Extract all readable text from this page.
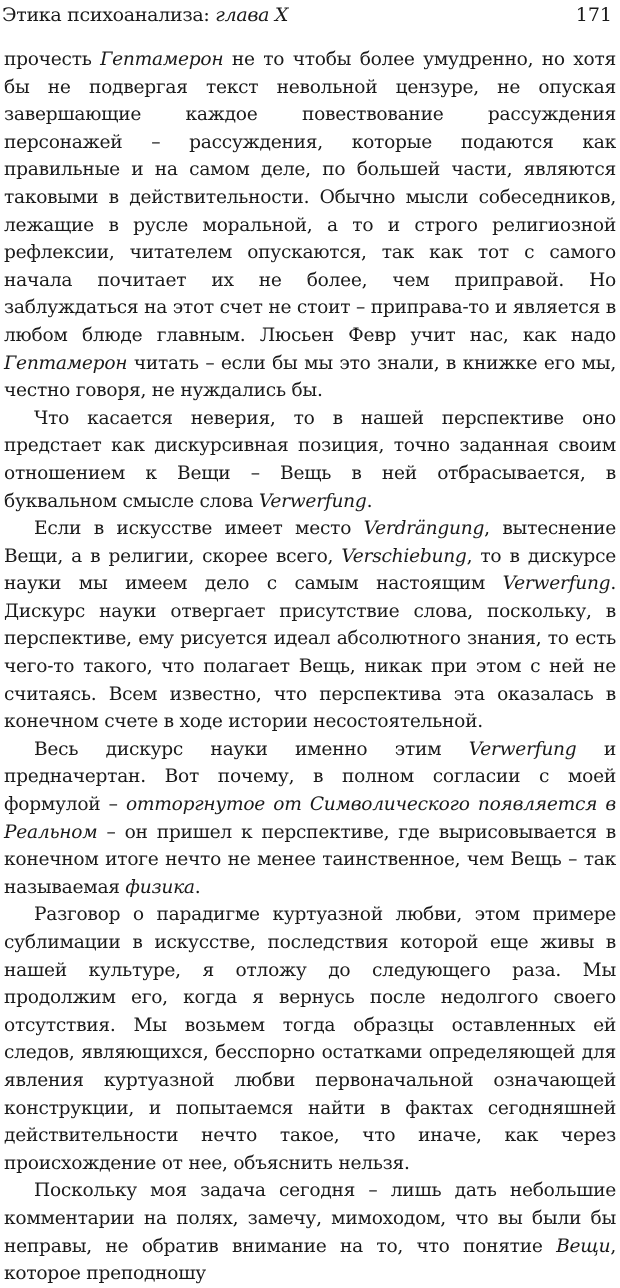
Этика психоанализа: глава X	171

прочесть Гептамерон не то чтобы более умудренно, но хотя бы не подвергая текст невольной цензуре, не опуская завершающие каждое повествование рассуждения персонажей – рассуждения, которые подаются как правильные и на самом деле, по большей части, являются таковыми в действительности. Обычно мысли собеседников, лежащие в русле моральной, а то и строго религиозной рефлексии, читателем опускаются, так как тот с самого начала почитает их не более, чем приправой. Но заблуждаться на этот счет не стоит – приправа-то и является в любом блюде главным. Люсьен Февр учит нас, как надо Гептамерон читать – если бы мы это знали, в книжке его мы, честно говоря, не нуждались бы.

Что касается неверия, то в нашей перспективе оно предстает как дискурсивная позиция, точно заданная своим отношением к Вещи – Вещь в ней отбрасывается, в буквальном смысле слова Verwerfung.

Если в искусстве имеет место Verdrängung, вытеснение Вещи, а в религии, скорее всего, Verschiebung, то в дискурсе науки мы имеем дело с самым настоящим Verwerfung. Дискурс науки отвергает присутствие слова, поскольку, в перспективе, ему рисуется идеал абсолютного знания, то есть чего-то такого, что полагает Вещь, никак при этом с ней не считаясь. Всем известно, что перспектива эта оказалась в конечном счете в ходе истории несостоятельной.

Весь дискурс науки именно этим Verwerfung и предначертан. Вот почему, в полном согласии с моей формулой – отторгнутое от Символического появляется в Реальном – он пришел к перспективе, где вырисовывается в конечном итоге нечто не менее таинственное, чем Вещь – так называемая физика.

Разговор о парадигме куртуазной любви, этом примере сублимации в искусстве, последствия которой еще живы в нашей культуре, я отложу до следующего раза. Мы продолжим его, когда я вернусь после недолгого своего отсутствия. Мы возьмем тогда образцы оставленных ей следов, являющихся, бесспорно остатками определяющей для явления куртуазной любви первоначальной означающей конструкции, и попытаемся найти в фактах сегодняшней действительности нечто такое, что иначе, как через происхождение от нее, объяснить нельзя.

Поскольку моя задача сегодня – лишь дать небольшие комментарии на полях, замечу, мимоходом, что вы были бы неправы, не обратив внимание на то, что понятие Вещи, которое преподношу
